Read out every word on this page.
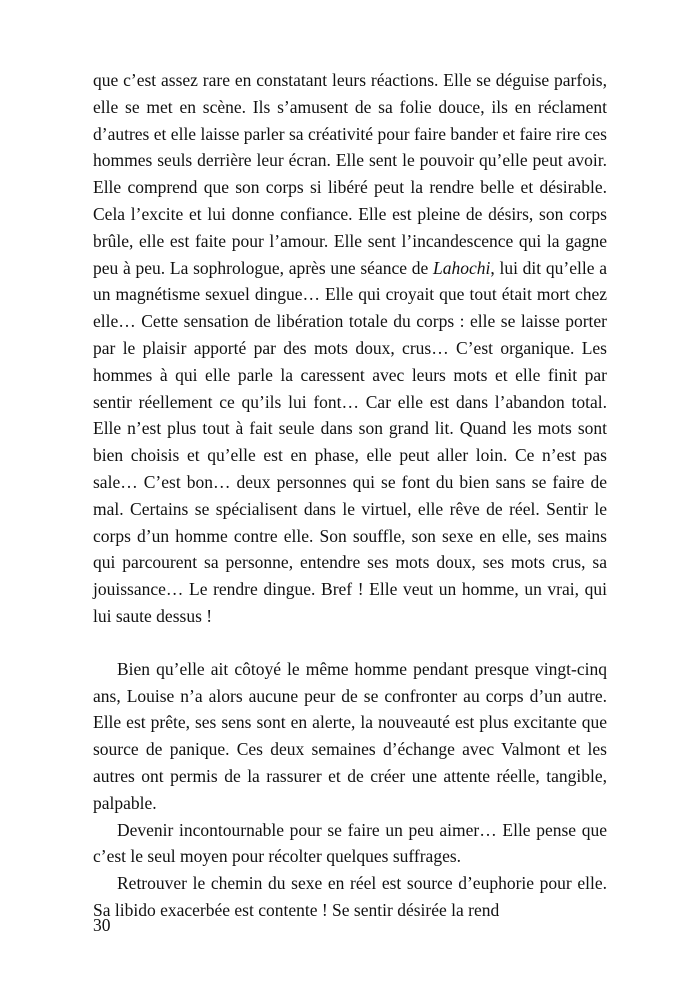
que c’est assez rare en constatant leurs réactions. Elle se déguise parfois, elle se met en scène. Ils s’amusent de sa folie douce, ils en réclament d’autres et elle laisse parler sa créativité pour faire bander et faire rire ces hommes seuls derrière leur écran. Elle sent le pouvoir qu’elle peut avoir. Elle comprend que son corps si libéré peut la rendre belle et désirable. Cela l’excite et lui donne confiance. Elle est pleine de désirs, son corps brûle, elle est faite pour l’amour. Elle sent l’incandescence qui la gagne peu à peu. La sophrologue, après une séance de Lahochi, lui dit qu’elle a un magnétisme sexuel dingue… Elle qui croyait que tout était mort chez elle… Cette sensation de libération totale du corps : elle se laisse porter par le plaisir apporté par des mots doux, crus… C’est organique. Les hommes à qui elle parle la caressent avec leurs mots et elle finit par sentir réellement ce qu’ils lui font… Car elle est dans l’abandon total. Elle n’est plus tout à fait seule dans son grand lit. Quand les mots sont bien choisis et qu’elle est en phase, elle peut aller loin. Ce n’est pas sale… C’est bon… deux personnes qui se font du bien sans se faire de mal. Certains se spécialisent dans le virtuel, elle rêve de réel. Sentir le corps d’un homme contre elle. Son souffle, son sexe en elle, ses mains qui parcourent sa personne, entendre ses mots doux, ses mots crus, sa jouissance… Le rendre dingue. Bref ! Elle veut un homme, un vrai, qui lui saute dessus !

Bien qu’elle ait côtoyé le même homme pendant presque vingt-cinq ans, Louise n’a alors aucune peur de se confronter au corps d’un autre. Elle est prête, ses sens sont en alerte, la nouveauté est plus excitante que source de panique. Ces deux semaines d’échange avec Valmont et les autres ont permis de la rassurer et de créer une attente réelle, tangible, palpable.

Devenir incontournable pour se faire un peu aimer… Elle pense que c’est le seul moyen pour récolter quelques suffrages.

Retrouver le chemin du sexe en réel est source d’euphorie pour elle. Sa libido exacerbée est contente ! Se sentir désirée la rend

30
